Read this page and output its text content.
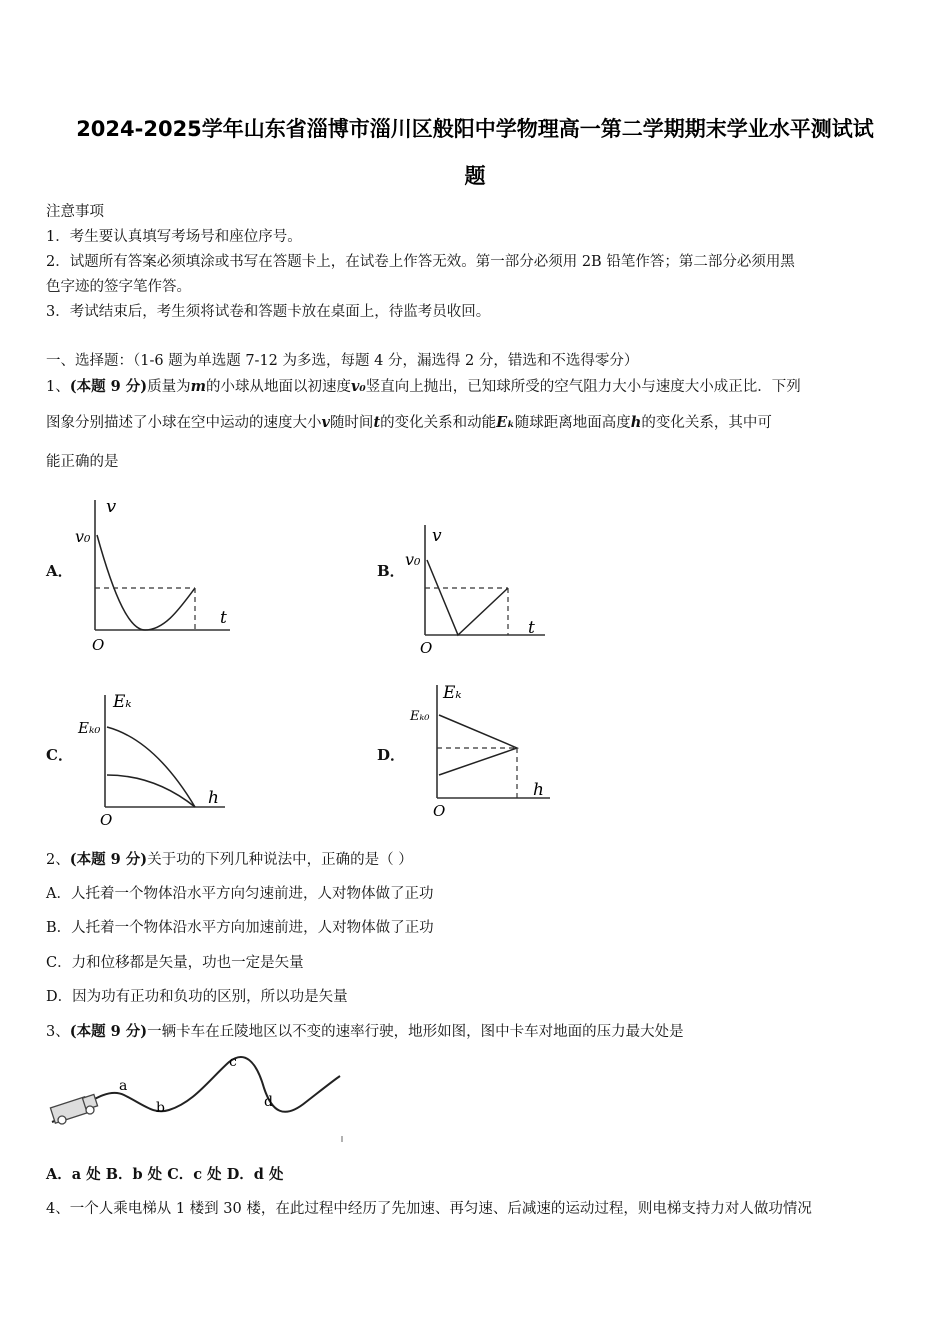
2024-2025学年山东省淄博市淄川区般阳中学物理高一第二学期期末学业水平测试试
题
注意事项
1．考生要认真填写考场号和座位序号。
2．试题所有答案必须填涂或书写在答题卡上，在试卷上作答无效。第一部分必须用 2B 铅笔作答；第二部分必须用黑
色字迹的签字笔作答。
3．考试结束后，考生须将试卷和答题卡放在桌面上，待监考员收回。
一、选择题：（1-6 题为单选题 7-12 为多选，每题 4 分，漏选得 2 分，错选和不选得零分）
1、(本题 9 分)质量为m的小球从地面以初速度v₀竖直向上抛出，已知球所受的空气阻力大小与速度大小成正比．下列
图象分别描述了小球在空中运动的速度大小v随时间t的变化关系和动能Eₖ随球距离地面高度h的变化关系，其中可
能正确的是
A．
v
v₀
t
O
B．
v
v₀
t
O
C．
Eₖ
Eₖ₀
h
O
D．
Eₖ
Eₖ₀
h
O
2、(本题 9 分)关于功的下列几种说法中，正确的是（ ）
A．人托着一个物体沿水平方向匀速前进，人对物体做了正功
B．人托着一个物体沿水平方向加速前进，人对物体做了正功
C．力和位移都是矢量，功也一定是矢量
D．因为功有正功和负功的区别，所以功是矢量
3、(本题 9 分)一辆卡车在丘陵地区以不变的速率行驶，地形如图，图中卡车对地面的压力最大处是
a
b
c
d
A．a 处 B．b 处 C．c 处 D．d 处
4、一个人乘电梯从 1 楼到 30 楼，在此过程中经历了先加速、再匀速、后减速的运动过程，则电梯支持力对人做功情况
